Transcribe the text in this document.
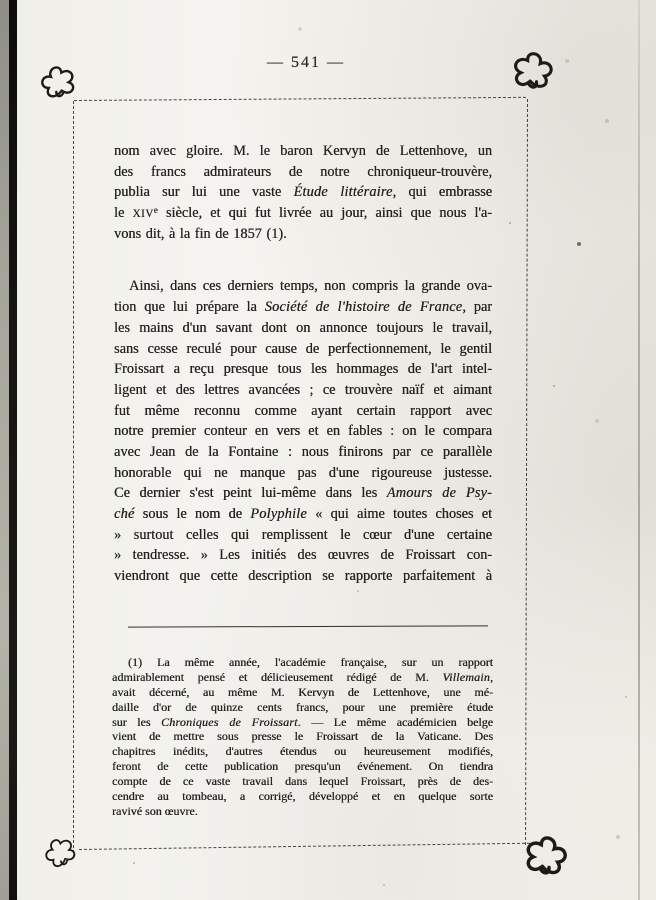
— 541 —
nom avec gloire. M. le baron Kervyn de Lettenhove, un
des francs admirateurs de notre chroniqueur-trouvère,
publia sur lui une vaste Étude littéraire, qui embrasse
le XIVe siècle, et qui fut livrée au jour, ainsi que nous l'a-
vons dit, à la fin de 1857 (1).
Ainsi, dans ces derniers temps, non compris la grande ova-
tion que lui prépare la Société de l'histoire de France, par
les mains d'un savant dont on annonce toujours le travail,
sans cesse reculé pour cause de perfectionnement, le gentil
Froissart a reçu presque tous les hommages de l'art intel-
ligent et des lettres avancées ; ce trouvère naïf et aimant
fut même reconnu comme ayant certain rapport avec
notre premier conteur en vers et en fables : on le compara
avec Jean de la Fontaine : nous finirons par ce parallèle
honorable qui ne manque pas d'une rigoureuse justesse.
Ce dernier s'est peint lui-même dans les Amours de Psy-
ché sous le nom de Polyphile « qui aime toutes choses et
» surtout celles qui remplissent le cœur d'une certaine
» tendresse. » Les initiés des œuvres de Froissart con-
viendront que cette description se rapporte parfaitement à
(1) La même année, l'académie française, sur un rapport
admirablement pensé et délicieusement rédigé de M. Villemain,
avait décerné, au même M. Kervyn de Lettenhove, une mé-
daille d'or de quinze cents francs, pour une première étude
sur les Chroniques de Froissart. — Le même académicien belge
vient de mettre sous presse le Froissart de la Vaticane. Des
chapitres inédits, d'autres étendus ou heureusement modifiés,
feront de cette publication presqu'un événement. On tiendra
compte de ce vaste travail dans lequel Froissart, près de des-
cendre au tombeau, a corrigé, développé et en quelque sorte
ravivé son œuvre.
